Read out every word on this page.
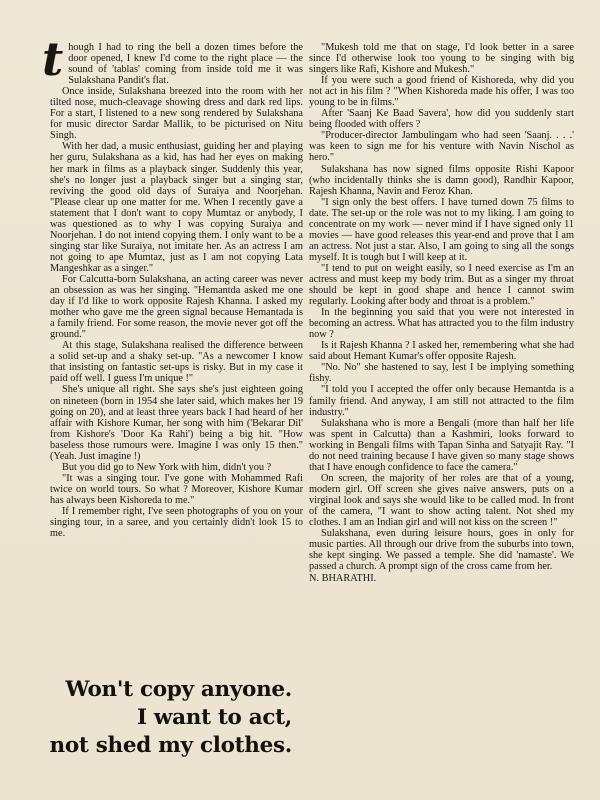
though I had to ring the bell a dozen times before the door opened, I knew I'd come to the right place — the sound of 'tablas' coming from inside told me it was Sulakshana Pandit's flat.

Once inside, Sulakshana breezed into the room with her tilted nose, much-cleavage showing dress and dark red lips. For a start, I listened to a new song rendered by Sulakshana for music director Sardar Mallik, to be picturised on Nitu Singh.

With her dad, a music enthusiast, guiding her and playing her guru, Sulakshana as a kid, has had her eyes on making her mark in films as a playback singer. Suddenly this year, she's no longer just a playback singer but a singing star, reviving the good old days of Suraiya and Noorjehan. "Please clear up one matter for me. When I recently gave a statement that I don't want to copy Mumtaz or anybody, I was questioned as to why I was copying Suraiya and Noorjehan. I do not intend copying them. I only want to be a singing star like Suraiya, not imitate her. As an actress I am not going to ape Mumtaz, just as I am not copying Lata Mangeshkar as a singer."

For Calcutta-born Sulakshana, an acting career was never an obsession as was her singing. "Hemantda asked me one day if I'd like to work opposite Rajesh Khanna. I asked my mother who gave me the green signal because Hemantada is a family friend. For some reason, the movie never got off the ground."

At this stage, Sulakshana realised the difference between a solid set-up and a shaky set-up. "As a newcomer I know that insisting on fantastic set-ups is risky. But in my case it paid off well. I guess I'm unique !"

She's unique all right. She says she's just eighteen going on nineteen (born in 1954 she later said, which makes her 19 going on 20), and at least three years back I had heard of her affair with Kishore Kumar, her song with him ('Bekarar Dil' from Kishore's 'Door Ka Rahi') being a big hit. "How baseless those rumours were. Imagine I was only 15 then." (Yeah. Just imagine !)

But you did go to New York with him, didn't you ?

"It was a singing tour. I've gone with Mohammed Rafi twice on world tours. So what ? Moreover, Kishore Kumar has always been Kishoreda to me."

If I remember right, I've seen photographs of you on your singing tour, in a saree, and you certainly didn't look 15 to me.

Won't copy anyone.
I want to act,
not shed my clothes.

"Mukesh told me that on stage, I'd look better in a saree since I'd otherwise look too young to be singing with big singers like Rafi, Kishore and Mukesh."

If you were such a good friend of Kishoreda, why did you not act in his film ? "When Kishoreda made his offer, I was too young to be in films."

After 'Saanj Ke Baad Savera', how did you suddenly start being flooded with offers ?

"Producer-director Jambulingam who had seen 'Saanj. . . .' was keen to sign me for his venture with Navin Nischol as hero."

Sulakshana has now signed films opposite Rishi Kapoor (who incidentally thinks she is damn good), Randhir Kapoor, Rajesh Khanna, Navin and Feroz Khan.

"I sign only the best offers. I have turned down 75 films to date. The set-up or the role was not to my liking. I am going to concentrate on my work — never mind if I have signed only 11 movies — have good releases this year-end and prove that I am an actress. Not just a star. Also, I am going to sing all the songs myself. It is tough but I will keep at it.

"I tend to put on weight easily, so I need exercise as I'm an actress and must keep my body trim. But as a singer my throat should be kept in good shape and hence I cannot swim regularly. Looking after body and throat is a problem."

In the beginning you said that you were not interested in becoming an actress. What has attracted you to the film industry now ?

Is it Rajesh Khanna ? I asked her, remembering what she had said about Hemant Kumar's offer opposite Rajesh.

"No. No" she hastened to say, lest I be implying something fishy.

"I told you I accepted the offer only because Hemantda is a family friend. And anyway, I am still not attracted to the film industry."

Sulakshana who is more a Bengali (more than half her life was spent in Calcutta) than a Kashmiri, looks forward to working in Bengali films with Tapan Sinha and Satyajit Ray. "I do not need training because I have given so many stage shows that I have enough confidence to face the camera."

On screen, the majority of her roles are that of a young, modern girl. Off screen she gives naive answers, puts on a virginal look and says she would like to be called mod. In front of the camera, "I want to show acting talent. Not shed my clothes. I am an Indian girl and will not kiss on the screen !"

Sulakshana, even during leisure hours, goes in only for music parties. All through our drive from the suburbs into town, she kept singing. We passed a temple. She did 'namaste'. We passed a church. A prompt sign of the cross came from her.

N. BHARATHI.
